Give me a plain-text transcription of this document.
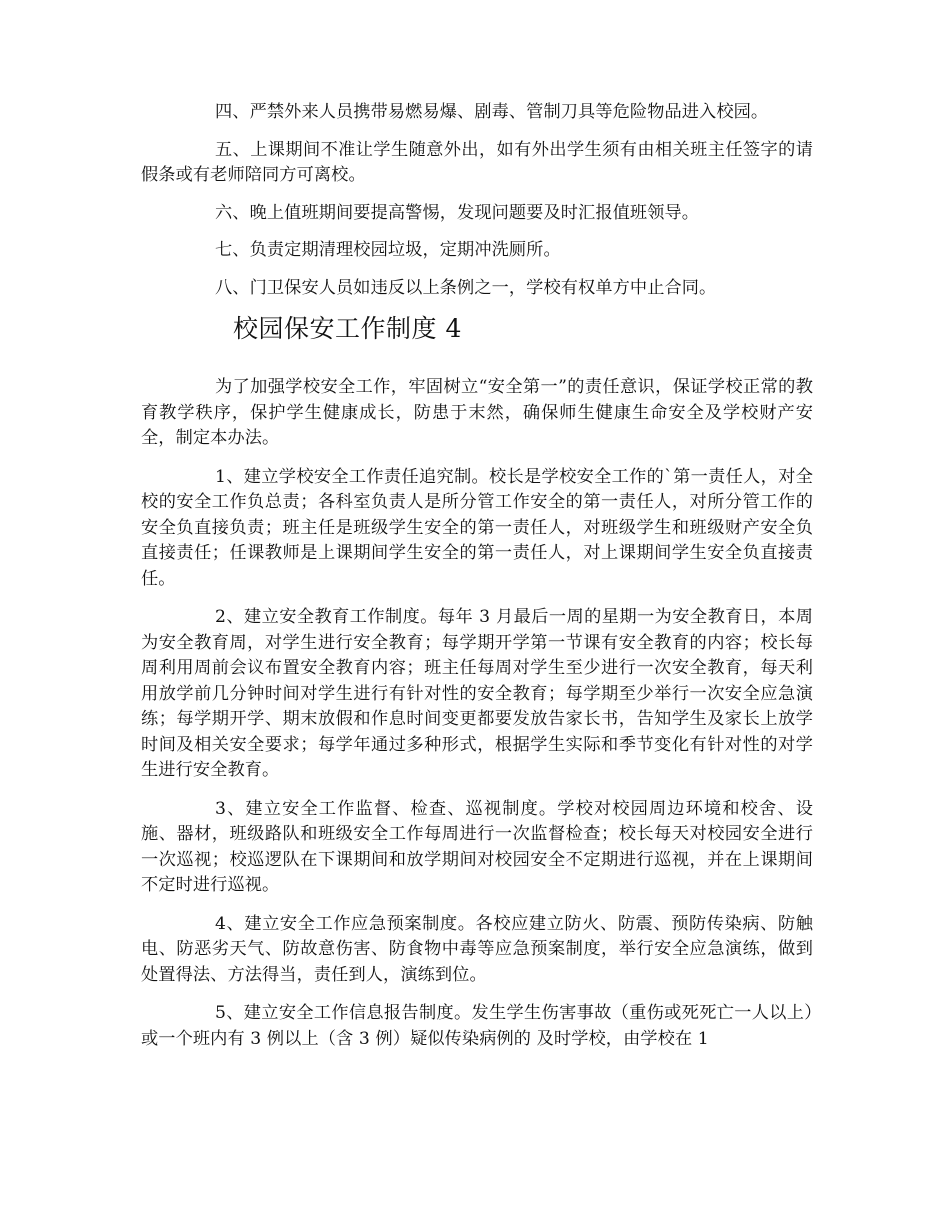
四、严禁外来人员携带易燃易爆、剧毒、管制刀具等危险物品进入校园。

五、上课期间不准让学生随意外出，如有外出学生须有由相关班主任签字的请假条或有老师陪同方可离校。

六、晚上值班期间要提高警惕，发现问题要及时汇报值班领导。

七、负责定期清理校园垃圾，定期冲洗厕所。

八、门卫保安人员如违反以上条例之一，学校有权单方中止合同。

校园保安工作制度 4

为了加强学校安全工作，牢固树立“安全第一”的责任意识，保证学校正常的教育教学秩序，保护学生健康成长，防患于末然，确保师生健康生命安全及学校财产安全，制定本办法。

1、建立学校安全工作责任追究制。校长是学校安全工作的`第一责任人，对全校的安全工作负总责；各科室负责人是所分管工作安全的第一责任人，对所分管工作的安全负直接负责；班主任是班级学生安全的第一责任人，对班级学生和班级财产安全负直接责任；任课教师是上课期间学生安全的第一责任人，对上课期间学生安全负直接责任。

2、建立安全教育工作制度。每年 3 月最后一周的星期一为安全教育日，本周为安全教育周，对学生进行安全教育；每学期开学第一节课有安全教育的内容；校长每周利用周前会议布置安全教育内容；班主任每周对学生至少进行一次安全教育，每天利用放学前几分钟时间对学生进行有针对性的安全教育；每学期至少举行一次安全应急演练；每学期开学、期末放假和作息时间变更都要发放告家长书，告知学生及家长上放学时间及相关安全要求；每学年通过多种形式，根据学生实际和季节变化有针对性的对学生进行安全教育。

3、建立安全工作监督、检查、巡视制度。学校对校园周边环境和校舍、设施、器材，班级路队和班级安全工作每周进行一次监督检查；校长每天对校园安全进行一次巡视；校巡逻队在下课期间和放学期间对校园安全不定期进行巡视，并在上课期间不定时进行巡视。

4、建立安全工作应急预案制度。各校应建立防火、防震、预防传染病、防触电、防恶劣天气、防故意伤害、防食物中毒等应急预案制度，举行安全应急演练，做到处置得法、方法得当，责任到人，演练到位。

5、建立安全工作信息报告制度。发生学生伤害事故（重伤或死死亡一人以上）或一个班内有 3 例以上（含 3 例）疑似传染病例的 及时学校，由学校在 1
